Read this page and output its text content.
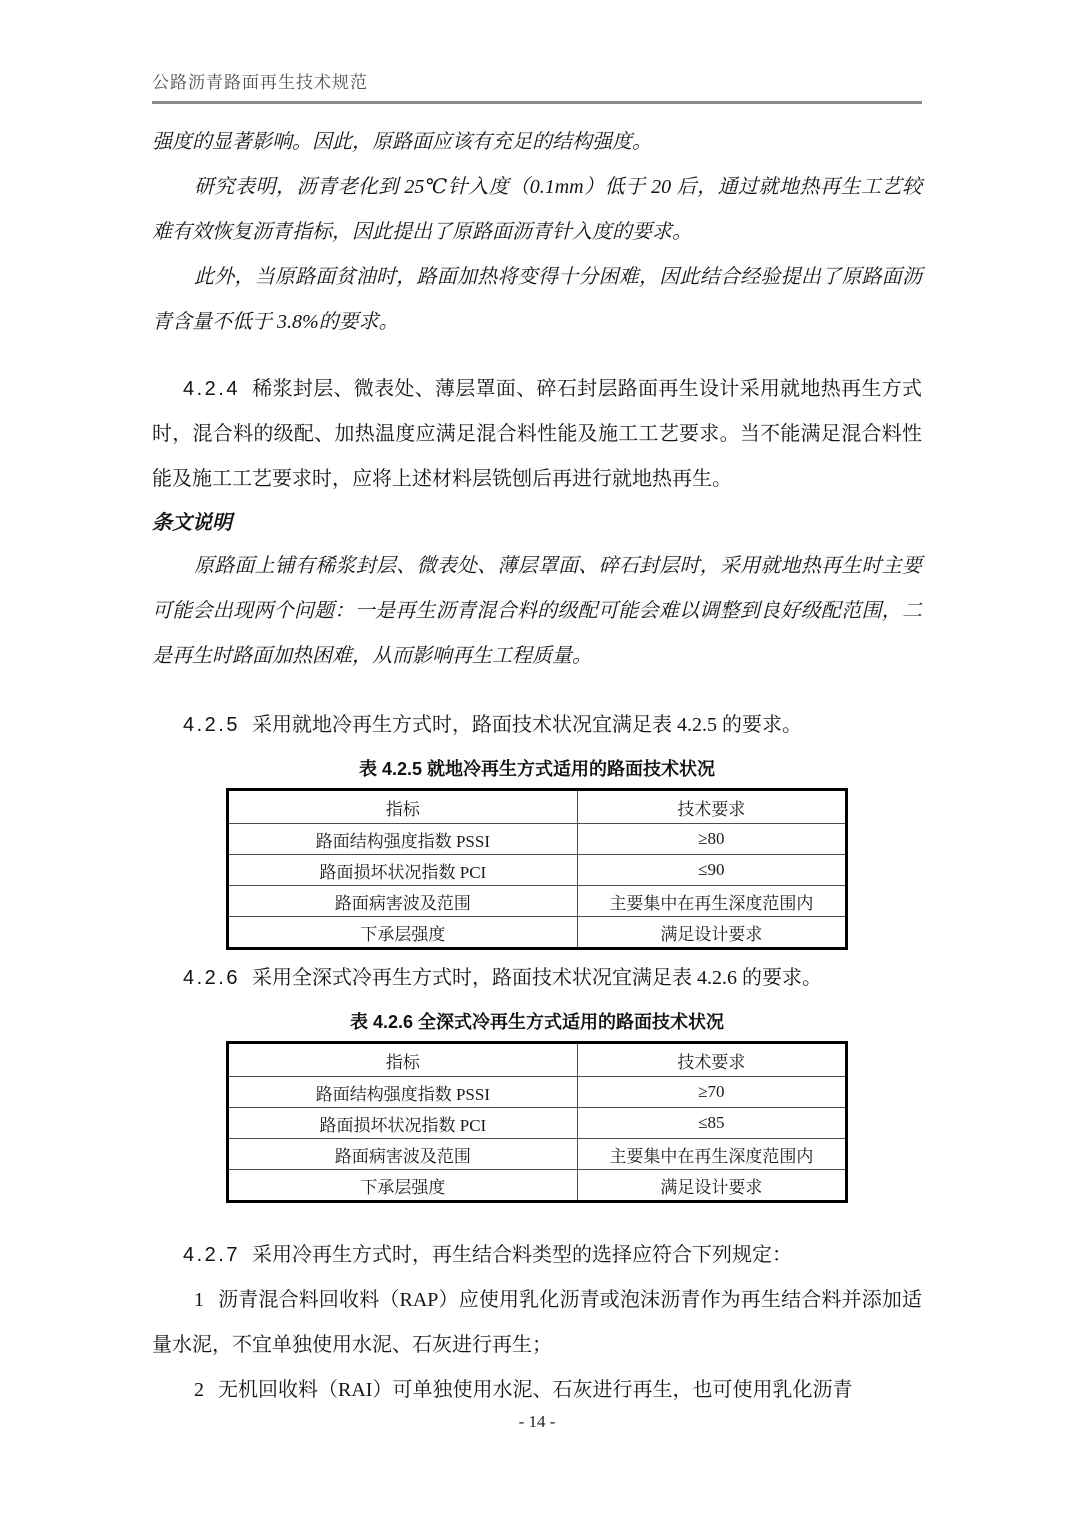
公路沥青路面再生技术规范

强度的显著影响。因此，原路面应该有充足的结构强度。

研究表明，沥青老化到 25℃针入度（0.1mm）低于 20 后，通过就地热再生工艺较难有效恢复沥青指标，因此提出了原路面沥青针入度的要求。

此外，当原路面贫油时，路面加热将变得十分困难，因此结合经验提出了原路面沥青含量不低于 3.8%的要求。

4.2.4 稀浆封层、微表处、薄层罩面、碎石封层路面再生设计采用就地热再生方式时，混合料的级配、加热温度应满足混合料性能及施工工艺要求。当不能满足混合料性能及施工工艺要求时，应将上述材料层铣刨后再进行就地热再生。

条文说明

原路面上铺有稀浆封层、微表处、薄层罩面、碎石封层时，采用就地热再生时主要可能会出现两个问题：一是再生沥青混合料的级配可能会难以调整到良好级配范围，二是再生时路面加热困难，从而影响再生工程质量。

4.2.5 采用就地冷再生方式时，路面技术状况宜满足表 4.2.5 的要求。

表 4.2.5 就地冷再生方式适用的路面技术状况
指标	技术要求
路面结构强度指数 PSSI	≥80
路面损坏状况指数 PCI	≤90
路面病害波及范围	主要集中在再生深度范围内
下承层强度	满足设计要求

4.2.6 采用全深式冷再生方式时，路面技术状况宜满足表 4.2.6 的要求。

表 4.2.6 全深式冷再生方式适用的路面技术状况
指标	技术要求
路面结构强度指数 PSSI	≥70
路面损坏状况指数 PCI	≤85
路面病害波及范围	主要集中在再生深度范围内
下承层强度	满足设计要求

4.2.7 采用冷再生方式时，再生结合料类型的选择应符合下列规定：

1 沥青混合料回收料（RAP）应使用乳化沥青或泡沫沥青作为再生结合料并添加适量水泥，不宜单独使用水泥、石灰进行再生；

2 无机回收料（RAI）可单独使用水泥、石灰进行再生，也可使用乳化沥青

- 14 -
